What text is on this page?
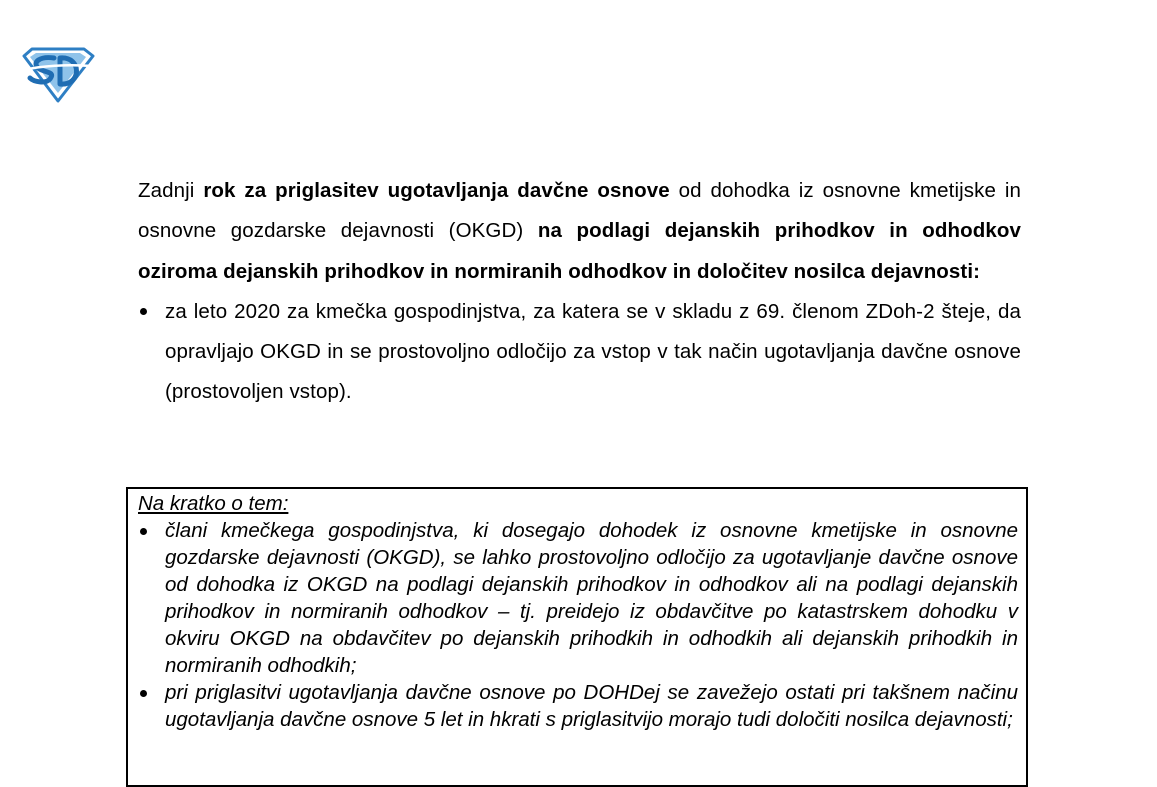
Zadnji rok za priglasitev ugotavljanja davčne osnove od dohodka iz osnovne kmetijske in osnovne gozdarske dejavnosti (OKGD) na podlagi dejanskih prihodkov in odhodkov oziroma dejanskih prihodkov in normiranih odhodkov in določitev nosilca dejavnosti:

za leto 2020 za kmečka gospodinjstva, za katera se v skladu z 69. členom ZDoh-2 šteje, da opravljajo OKGD in se prostovoljno odločijo za vstop v tak način ugotavljanja davčne osnove (prostovoljen vstop).

Na kratko o tem:

člani kmečkega gospodinjstva, ki dosegajo dohodek iz osnovne kmetijske in osnovne gozdarske dejavnosti (OKGD), se lahko prostovoljno odločijo za ugotavljanje davčne osnove od dohodka iz OKGD na podlagi dejanskih prihodkov in odhodkov ali na podlagi dejanskih prihodkov in normiranih odhodkov – tj. preidejo iz obdavčitve po katastrskem dohodku v okviru OKGD na obdavčitev po dejanskih prihodkih in odhodkih ali dejanskih prihodkih in normiranih odhodkih;
pri priglasitvi ugotavljanja davčne osnove po DOHDej se zavežejo ostati pri takšnem načinu ugotavljanja davčne osnove 5 let in hkrati s priglasitvijo morajo tudi določiti nosilca dejavnosti;
